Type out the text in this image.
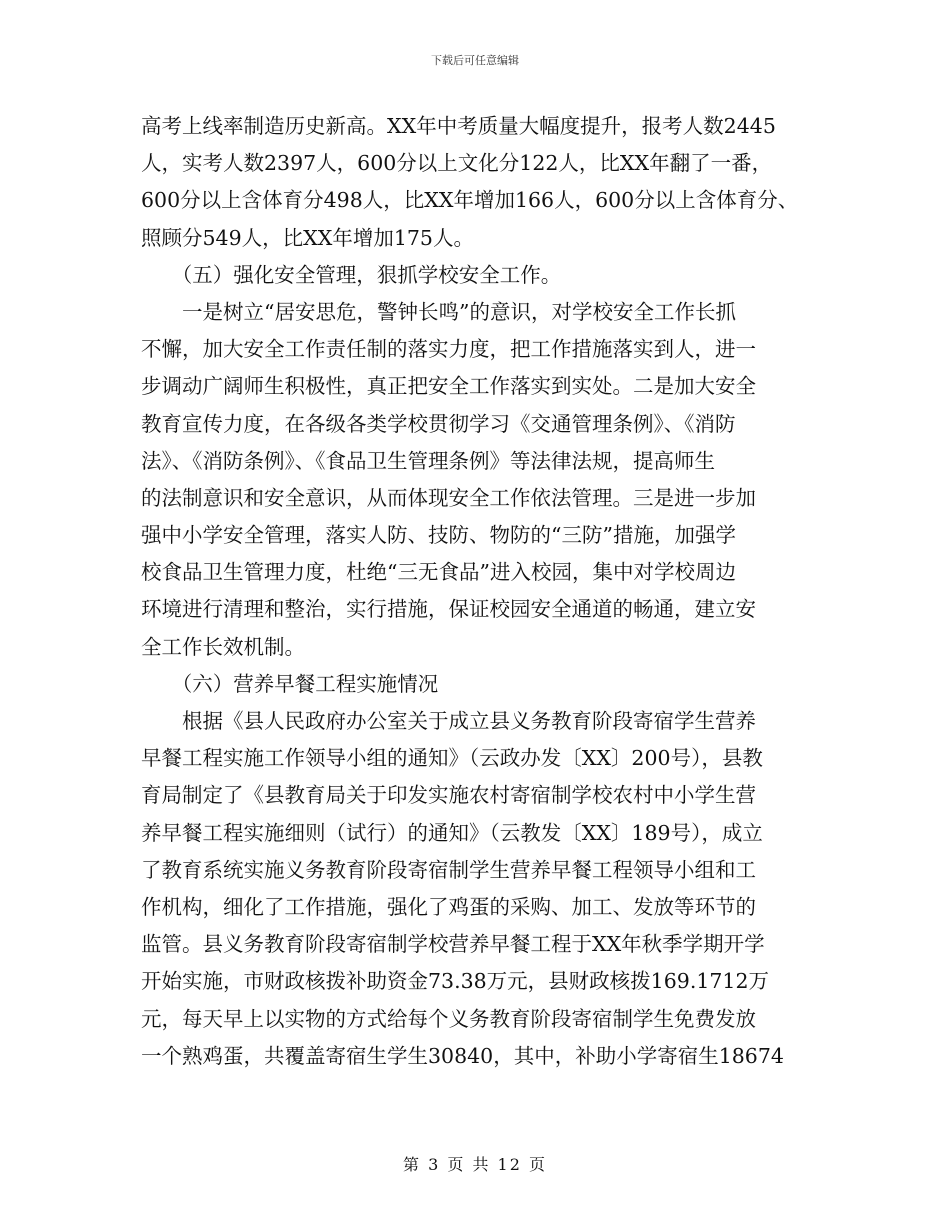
下载后可任意编辑
高考上线率制造历史新高。XX年中考质量大幅度提升，报考人数2445
人，实考人数2397人，600分以上文化分122人，比XX年翻了一番，
600分以上含体育分498人，比XX年增加166人，600分以上含体育分、
照顾分549人，比XX年增加175人。
　　（五）强化安全管理，狠抓学校安全工作。
　　一是树立“居安思危，警钟长鸣”的意识，对学校安全工作长抓
不懈，加大安全工作责任制的落实力度，把工作措施落实到人，进一
步调动广阔师生积极性，真正把安全工作落实到实处。二是加大安全
教育宣传力度，在各级各类学校贯彻学习《交通管理条例》、《消防
法》、《消防条例》、《食品卫生管理条例》等法律法规，提高师生
的法制意识和安全意识，从而体现安全工作依法管理。三是进一步加
强中小学安全管理，落实人防、技防、物防的“三防”措施，加强学
校食品卫生管理力度，杜绝“三无食品”进入校园，集中对学校周边
环境进行清理和整治，实行措施，保证校园安全通道的畅通，建立安
全工作长效机制。
　　（六）营养早餐工程实施情况
　　根据《县人民政府办公室关于成立县义务教育阶段寄宿学生营养
早餐工程实施工作领导小组的通知》（云政办发〔XX〕200号），县教
育局制定了《县教育局关于印发实施农村寄宿制学校农村中小学生营
养早餐工程实施细则（试行）的通知》（云教发〔XX〕189号），成立
了教育系统实施义务教育阶段寄宿制学生营养早餐工程领导小组和工
作机构，细化了工作措施，强化了鸡蛋的采购、加工、发放等环节的
监管。县义务教育阶段寄宿制学校营养早餐工程于XX年秋季学期开学
开始实施，市财政核拨补助资金73.38万元，县财政核拨169.1712万
元，每天早上以实物的方式给每个义务教育阶段寄宿制学生免费发放
一个熟鸡蛋，共覆盖寄宿生学生30840，其中，补助小学寄宿生18674
第 3 页 共 12 页
